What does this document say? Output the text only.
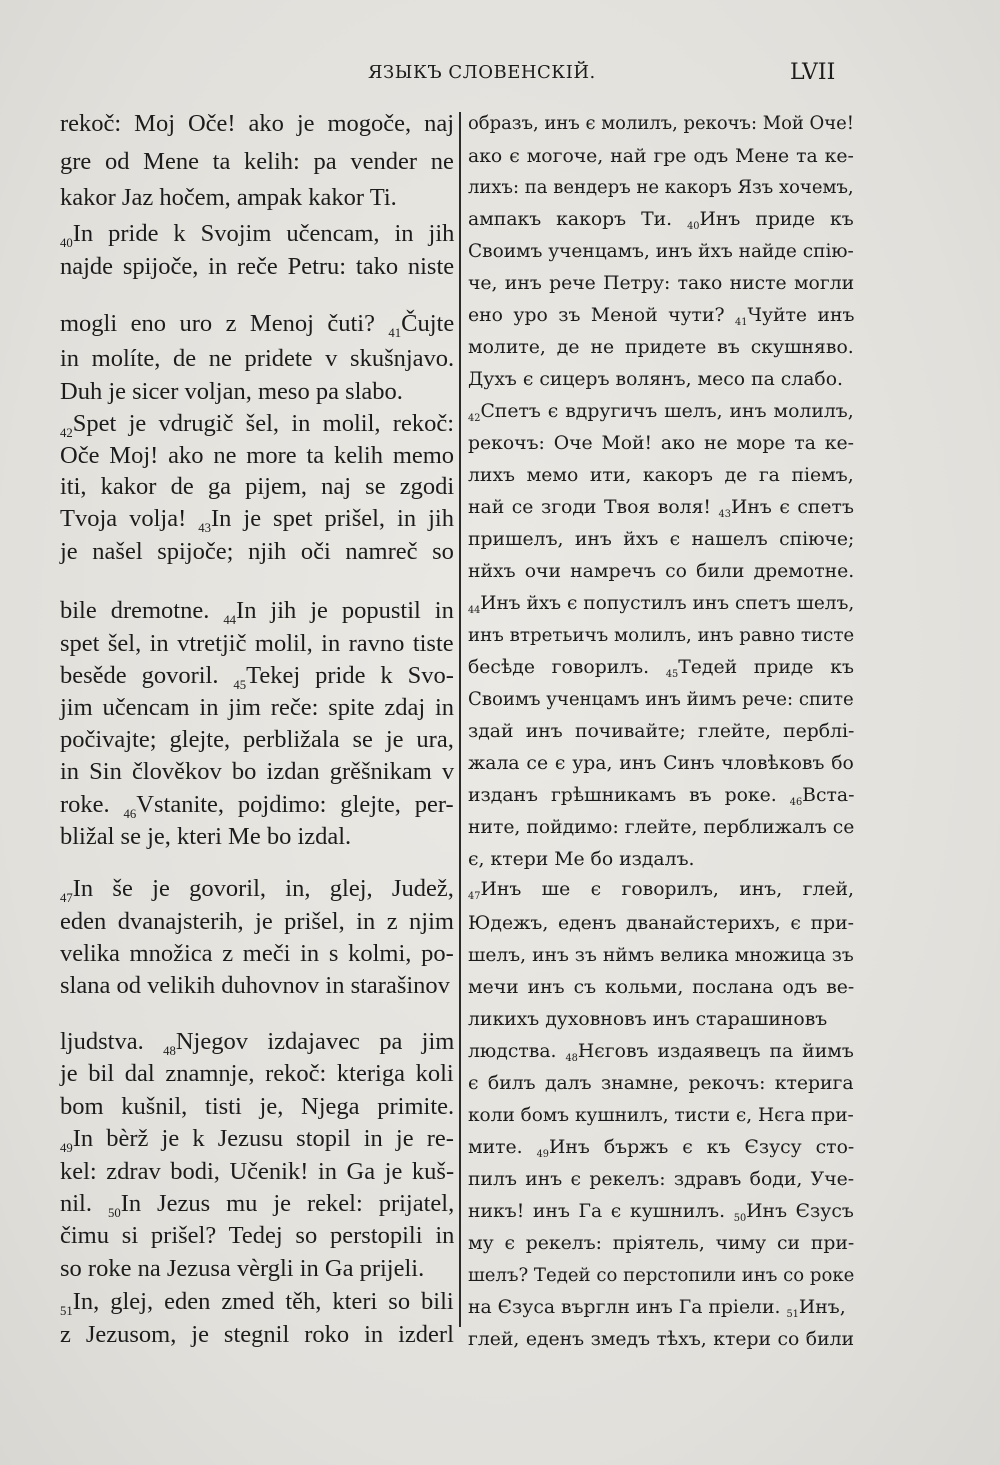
ЯЗЫКЪ СЛОВЕНСКІЙ.	LVII
rekoč: Moj Oče! ako je mogoče, naj
gre od Mene ta kelih: pa vender ne
kakor Jaz hočem, ampak kakor Ti.
$_{40}$In pride k Svojim učencam, in jih
najde spijoče, in reče Petru: tako niste
mogli eno uro z Menoj čuti? $_{41}$Čujte
in molíte, de ne pridete v skušnjavo.
Duh je sicer voljan, meso pa slabo.
$_{42}$Spet je vdrugič šel, in molil, rekoč:
Oče Moj! ako ne more ta kelih memo
iti, kakor de ga pijem, naj se zgodi
Tvoja volja! $_{43}$In je spet prišel, in jih
je našel spijoče; njih oči namreč so
bile dremotne. $_{44}$In jih je popustil in
spet šel, in vtretjič molil, in ravno tiste
besěde govoril. $_{45}$Tekej pride k Svo-
jim učencam in jim reče: spite zdaj in
počivajte; glejte, perbližala se je ura,
in Sin člověkov bo izdan grěšnikam v
roke. $_{46}$Vstanite, pojdimo: glejte, per-
bližal se je, kteri Me bo izdal.
$_{47}$In še je govoril, in, glej, Judež,
eden dvanajsterih, je prišel, in z njim
velika množica z meči in s kolmi, po-
slana od velikih duhovnov in starašinov
ljudstva. $_{48}$Njegov izdajavec pa jim
je bil dal znamnje, rekoč: kteriga koli
bom kušnil, tisti je, Njega primite.
$_{49}$In bèrž je k Jezusu stopil in je re-
kel: zdrav bodi, Učenik! in Ga je kuš-
nil. $_{50}$In Jezus mu je rekel: prijatel,
čimu si prišel? Tedej so perstopili in
so roke na Jezusa vèrgli in Ga prijeli.
$_{51}$In, glej, eden zmed těh, kteri so bili
z Jezusom, je stegnil roko in izderl
образъ, инъ є молилъ, рекочъ: Мой Оче!
ако є могоче, най гре одъ Мене та ке-
лихъ: па вендеръ не какоръ Язъ хочемъ,
ампакъ какоръ Ти. $_{40}$Инъ приде къ
Своимъ ученцамъ, инъ йхъ найде спію-
че, инъ рече Петру: тако нисте могли
ено уро зъ Меной чути? $_{41}$Чуйте инъ
молите, де не придете въ скушняво.
Духъ є сицеръ волянъ, месо па слабо.
$_{42}$Спетъ є вдругичъ шелъ, инъ молилъ,
рекочъ: Оче Мой! ако не море та ке-
лихъ мемо ити, какоръ де га піемъ,
най се згоди Твоя воля! $_{43}$Инъ є спетъ
пришелъ, инъ йхъ є нашелъ спіюче;
нйхъ очи намречъ со били дремотне.
$_{44}$Инъ йхъ є попустилъ инъ спетъ шелъ,
инъ втретьичъ молилъ, инъ равно тисте
бесѣде говорилъ. $_{45}$Тедей приде къ
Своимъ ученцамъ инъ йимъ рече: спите
здай инъ почивайте; глейте, перблі-
жала се є ура, инъ Синъ чловѣковъ бо
изданъ грѣшникамъ въ роке. $_{46}$Вста-
ните, пойдимо: глейте, перближалъ се
є, ктери Ме бо издалъ.
$_{47}$Инъ ше є говорилъ, инъ, глей,
Юдежъ, еденъ дванайстерихъ, є при-
шелъ, инъ зъ нймъ велика множица зъ
мечи инъ съ кольми, послана одъ ве-
ликихъ духовновъ инъ старашиновъ
людства. $_{48}$Нєговъ издаявецъ па йимъ
є билъ далъ знамне, рекочъ: ктерига
коли бомъ кушнилъ, тисти є, Нєга при-
мите. $_{49}$Инъ бържъ є къ Єзусу сто-
пилъ инъ є рекелъ: здравъ боди, Уче-
никъ! инъ Га є кушнилъ. $_{50}$Инъ Єзусъ
му є рекелъ: пріятель, чиму си при-
шелъ? Тедей со перстопили инъ со роке
на Єзуса върглн инъ Га пріели. $_{51}$Инъ,
глей, еденъ змедъ тѣхъ, ктери со били
